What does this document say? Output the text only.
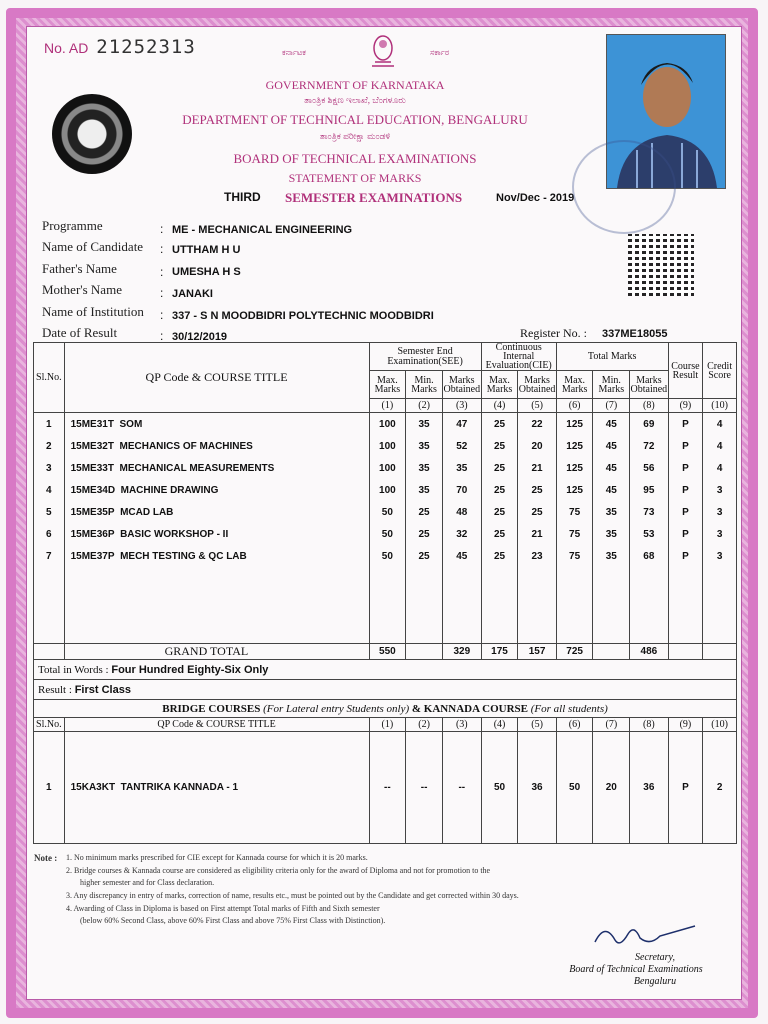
No. AD 21252313	ಕರ್ನಾಟಕ	ಸರ್ಕಾರ
GOVERNMENT OF KARNATAKA
ತಾಂತ್ರಿಕ ಶಿಕ್ಷಣ ಇಲಾಖೆ, ಬೆಂಗಳೂರು
DEPARTMENT OF TECHNICAL EDUCATION, BENGALURU
ತಾಂತ್ರಿಕ ಪರೀಕ್ಷಾ ಮಂಡಳಿ
BOARD OF TECHNICAL EXAMINATIONS
STATEMENT OF MARKS
THIRD SEMESTER EXAMINATIONS	Nov/Dec - 2019
Programme	: ME - MECHANICAL ENGINEERING
Name of Candidate : UTTHAM H U
Father's Name	: UMESHA H S
Mother's Name	: JANAKI
Name of Institution : 337 - S N MOODBIDRI POLYTECHNIC MOODBIDRI
Date of Result	: 30/12/2019	Register No. : 337ME18055
Sl.No.	QP Code & COURSE TITLE	Semester End Examination(SEE)			Continuous Internal Evaluation(CIE)		Total Marks			Course Result	Credit Score
		Max. Marks	Min. Marks	Marks Obtained	Max. Marks	Marks Obtained	Max. Marks	Min. Marks	Marks Obtained		
		(1)	(2)	(3)	(4)	(5)	(6)	(7)	(8)	(9)	(10)
1	15ME31T SOM	100	35	47	25	22	125	45	69	P	4
2	15ME32T MECHANICS OF MACHINES	100	35	52	25	20	125	45	72	P	4
3	15ME33T MECHANICAL MEASUREMENTS	100	35	35	25	21	125	45	56	P	4
4	15ME34D MACHINE DRAWING	100	35	70	25	25	125	45	95	P	3
5	15ME35P MCAD LAB	50	25	48	25	25	75	35	73	P	3
6	15ME36P BASIC WORKSHOP - II	50	25	32	25	21	75	35	53	P	3
7	15ME37P MECH TESTING & QC LAB	50	25	45	25	23	75	35	68	P	3

	GRAND TOTAL	550		329	175	157	725		486		
Total in Words : Four Hundred Eighty-Six Only											
Result : First Class											
BRIDGE COURSES (For Lateral entry Students only) & KANNADA COURSE (For all students)											
Sl.No.	QP Code & COURSE TITLE	(1)	(2)	(3)	(4)	(5)	(6)	(7)	(8)	(9)	(10)
1	15KA3KT TANTRIKA KANNADA - 1	--	--	--	50	36	50	20	36	P	2
Note : 1. No minimum marks prescribed for CIE except for Kannada course for which it is 20 marks.
2. Bridge courses & Kannada course are considered as eligibility criteria only for the award of Diploma and not for promotion to the
higher semester and for Class declaration.
3. Any discrepancy in entry of marks, correction of name, results etc., must be pointed out by the Candidate and get corrected within 30 days.
4. Awarding of Class in Diploma is based on First attempt Total marks of Fifth and Sixth semester
(below 60% Second Class, above 60% First Class and above 75% First Class with Distinction).
Secretary,
Board of Technical Examinations
Bengaluru
